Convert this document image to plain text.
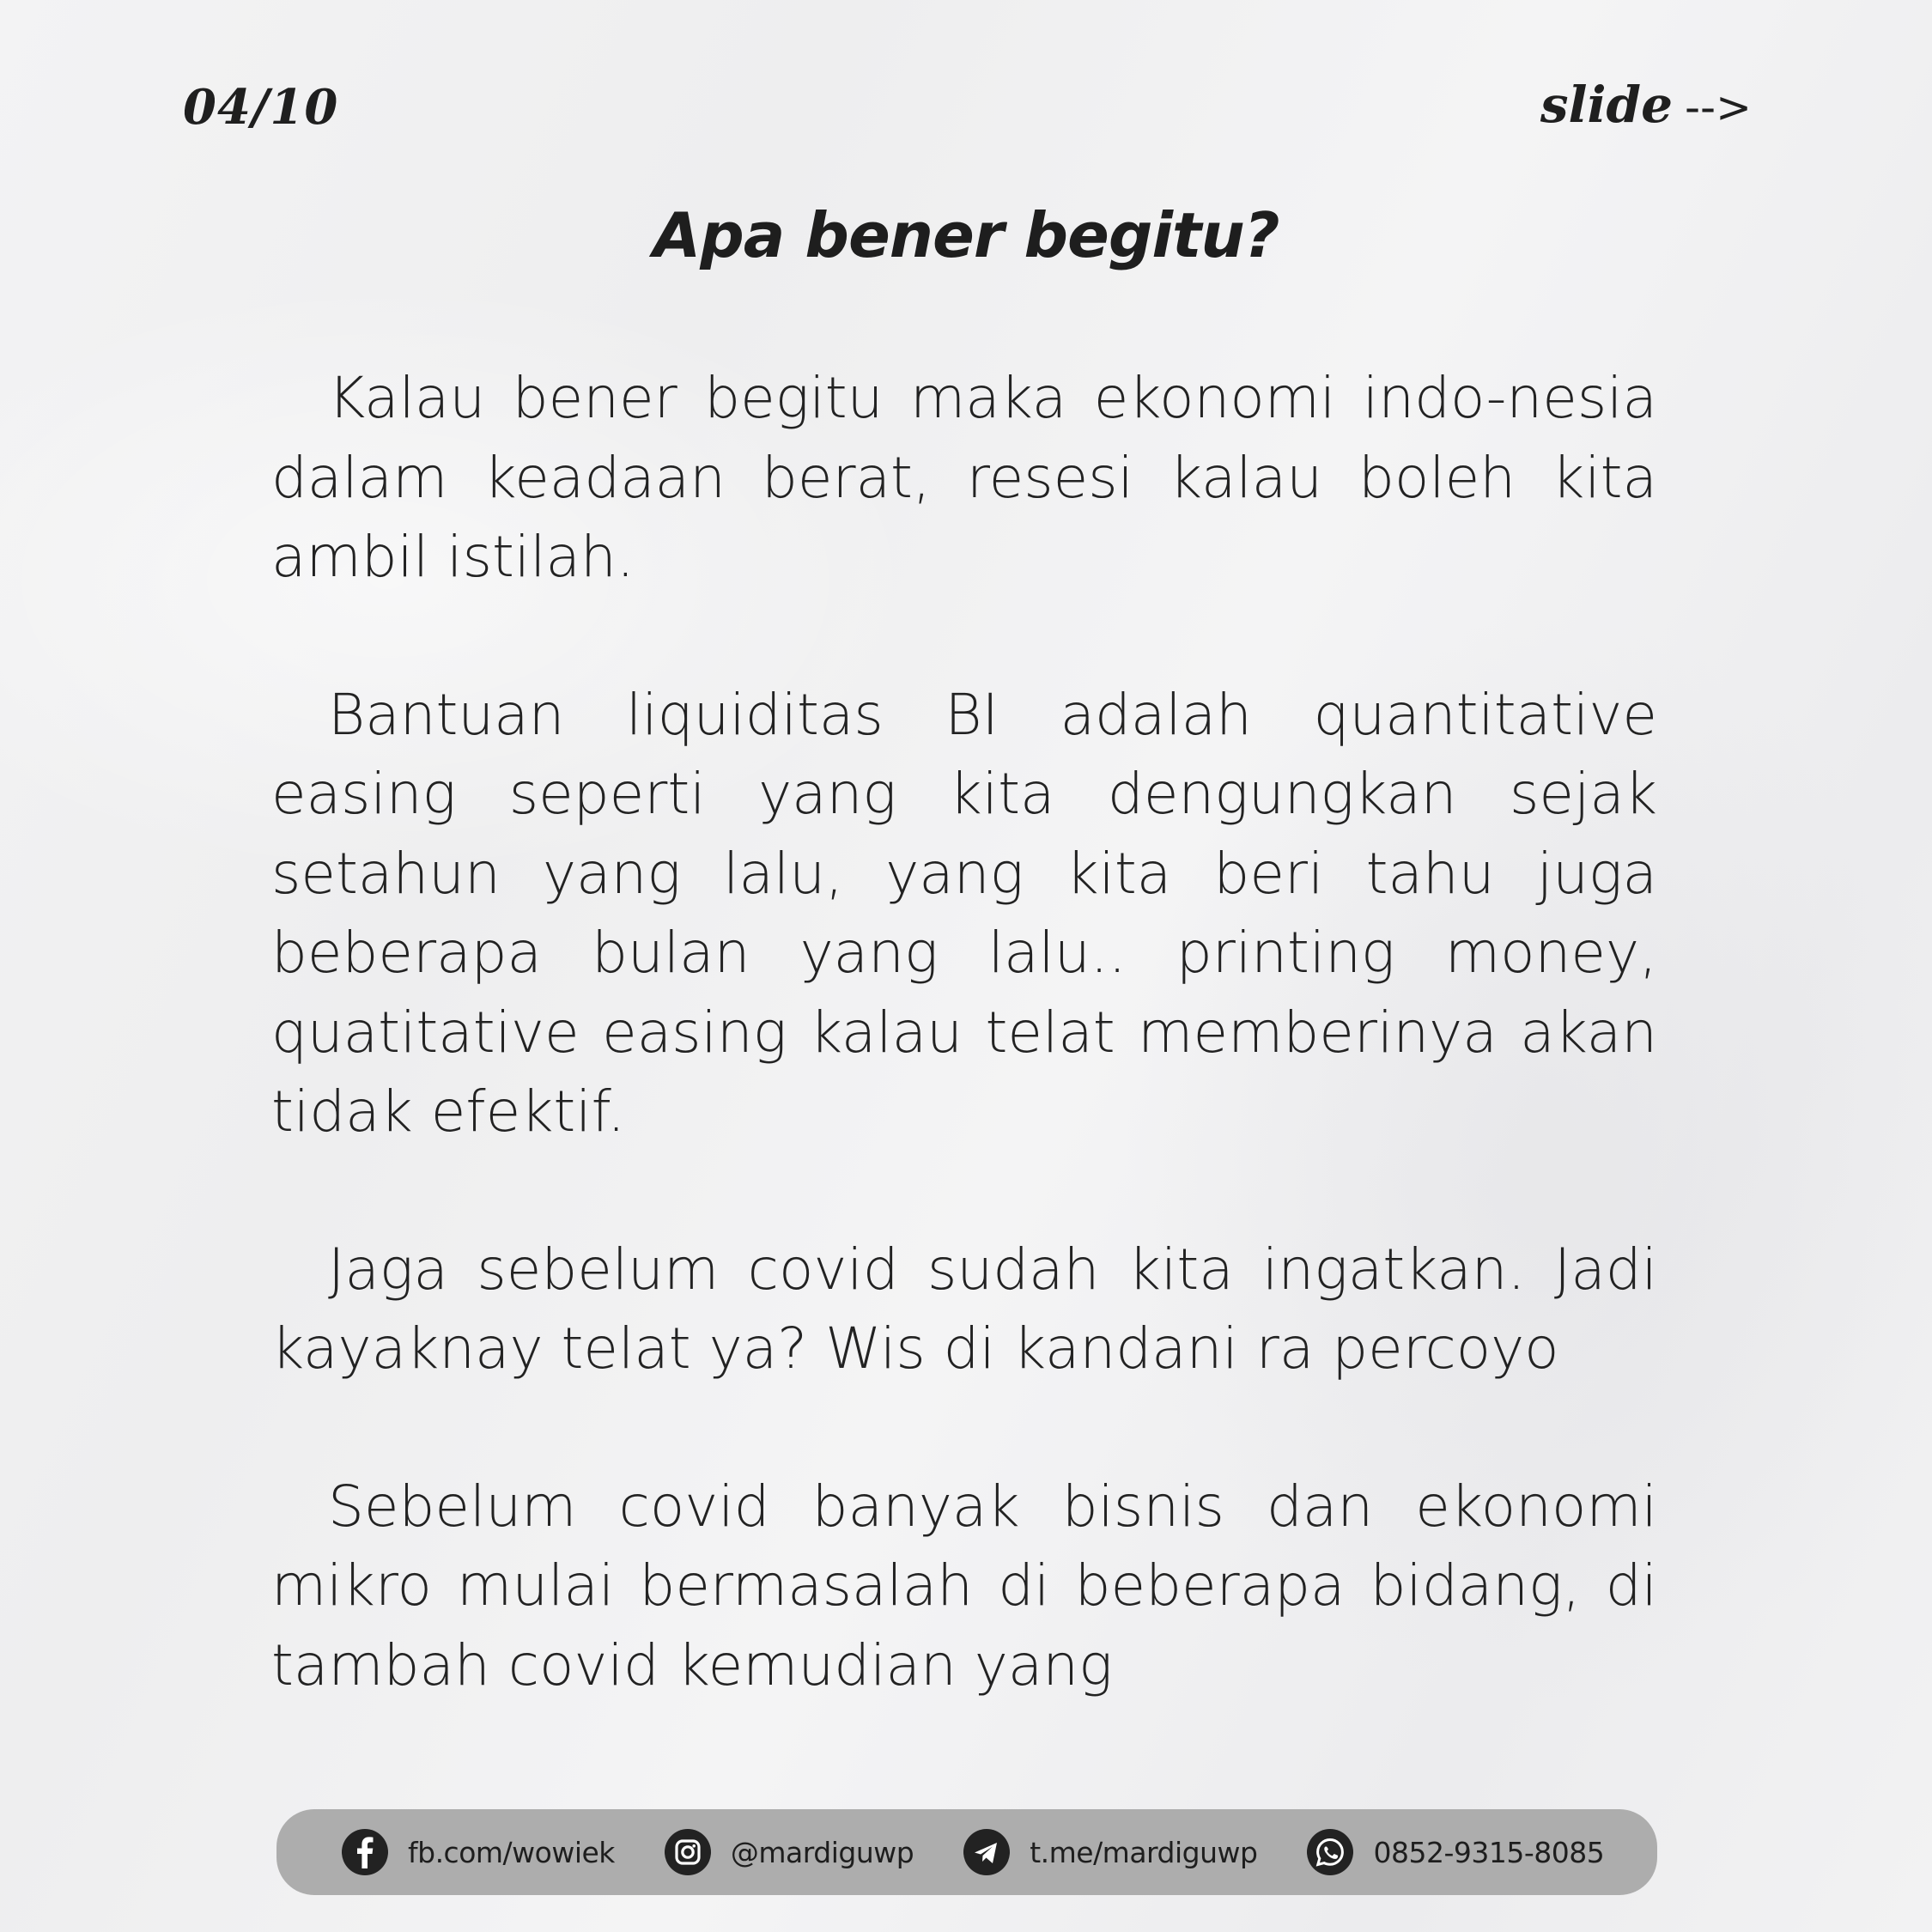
04/10	slide -->
Apa bener begitu?

Kalau bener begitu maka ekonomi indo-nesia dalam keadaan berat, resesi kalau boleh kita ambil istilah.

Bantuan liquiditas BI adalah quantitative easing seperti yang kita dengungkan sejak setahun yang lalu, yang kita beri tahu juga beberapa bulan yang lalu.. printing money, quatitative easing kalau telat memberinya akan tidak efektif.

Jaga sebelum covid sudah kita ingatkan. Jadi kayaknay telat ya? Wis di kandani ra percoyo

Sebelum covid banyak bisnis dan ekonomi mikro mulai bermasalah di beberapa bidang, di tambah covid kemudian yang

fb.com/wowiek	@mardiguwp	t.me/mardiguwp	0852-9315-8085
